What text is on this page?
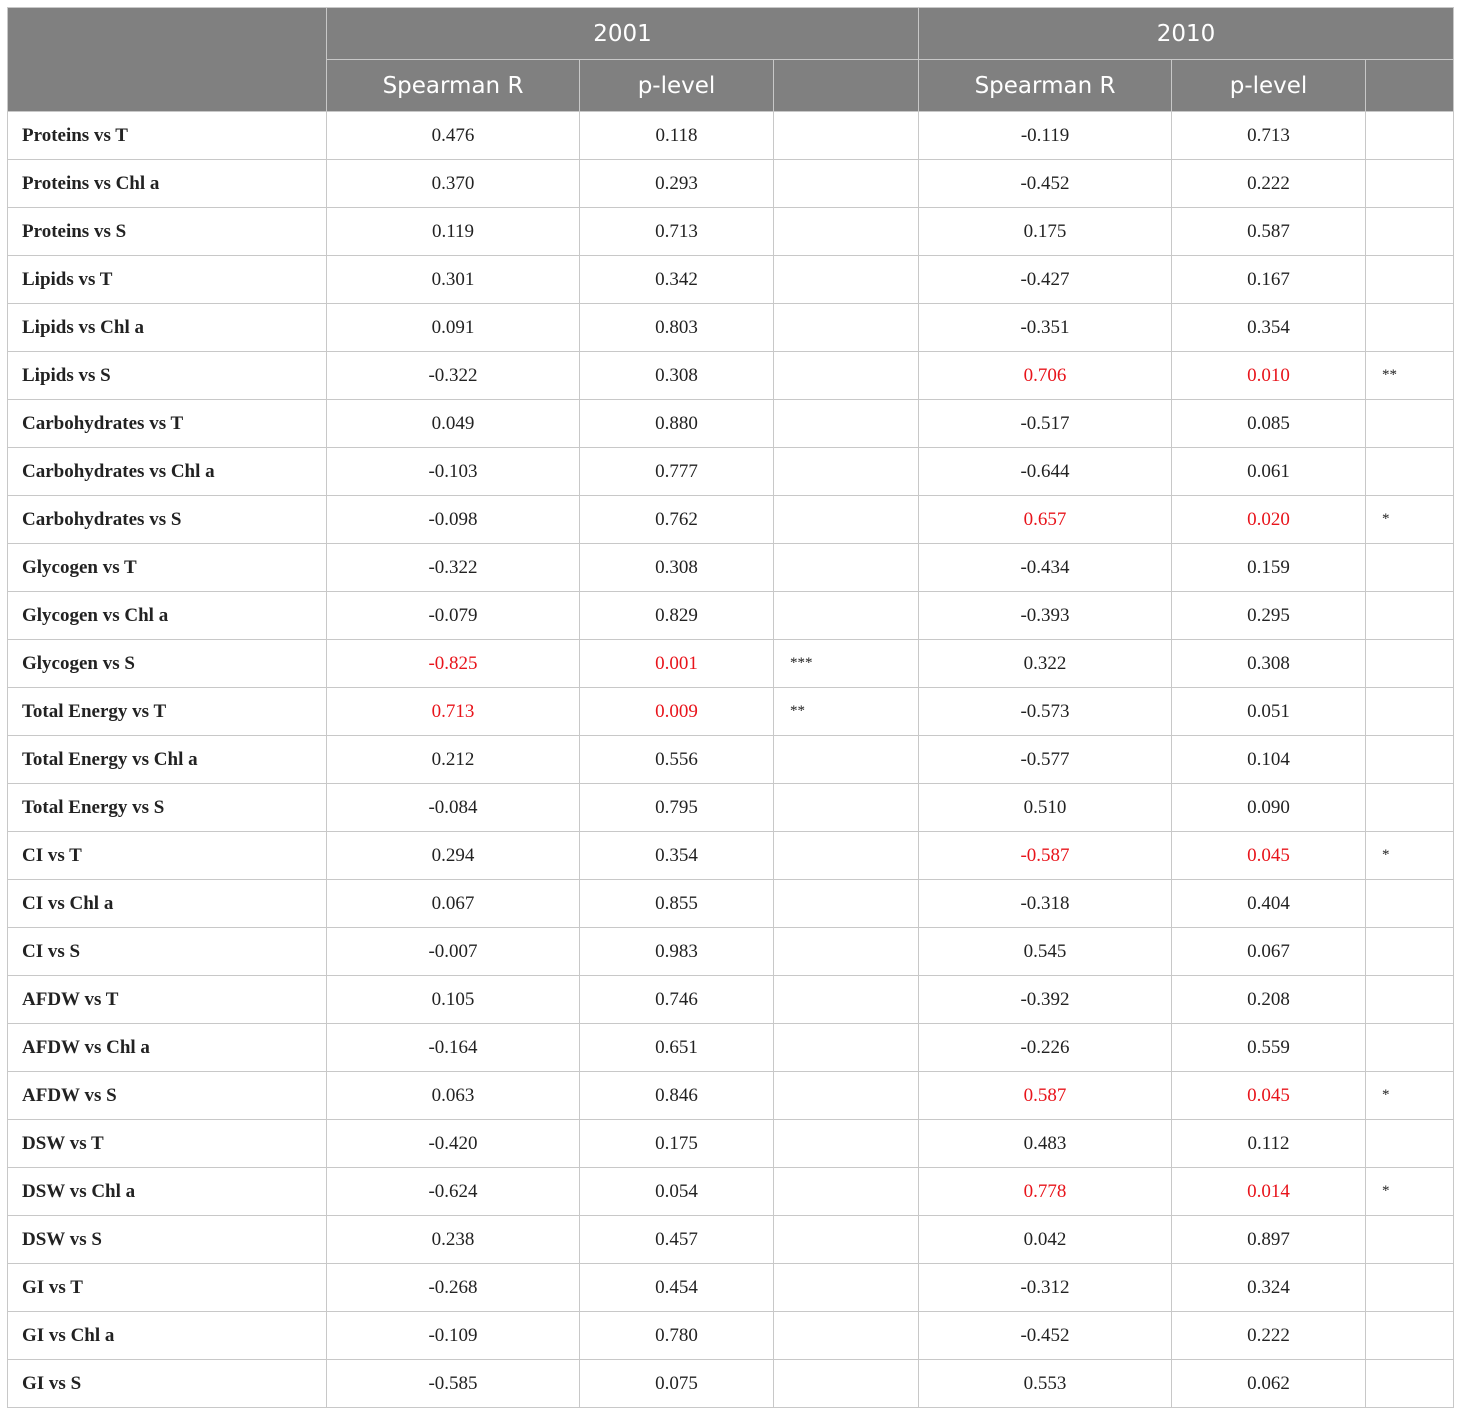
	2001			2010		
	Spearman R	p-level		Spearman R	p-level	
Proteins vs T	0.476	0.118		-0.119	0.713	
Proteins vs Chl a	0.370	0.293		-0.452	0.222	
Proteins vs S	0.119	0.713		0.175	0.587	
Lipids vs T	0.301	0.342		-0.427	0.167	
Lipids vs Chl a	0.091	0.803		-0.351	0.354	
Lipids vs S	-0.322	0.308		0.706	0.010	**
Carbohydrates vs T	0.049	0.880		-0.517	0.085	
Carbohydrates vs Chl a	-0.103	0.777		-0.644	0.061	
Carbohydrates vs S	-0.098	0.762		0.657	0.020	*
Glycogen vs T	-0.322	0.308		-0.434	0.159	
Glycogen vs Chl a	-0.079	0.829		-0.393	0.295	
Glycogen vs S	-0.825	0.001	***	0.322	0.308	
Total Energy vs T	0.713	0.009	**	-0.573	0.051	
Total Energy vs Chl a	0.212	0.556		-0.577	0.104	
Total Energy vs S	-0.084	0.795		0.510	0.090	
CI vs T	0.294	0.354		-0.587	0.045	*
CI vs Chl a	0.067	0.855		-0.318	0.404	
CI vs S	-0.007	0.983		0.545	0.067	
AFDW vs T	0.105	0.746		-0.392	0.208	
AFDW vs Chl a	-0.164	0.651		-0.226	0.559	
AFDW vs S	0.063	0.846		0.587	0.045	*
DSW vs T	-0.420	0.175		0.483	0.112	
DSW vs Chl a	-0.624	0.054		0.778	0.014	*
DSW vs S	0.238	0.457		0.042	0.897	
GI vs T	-0.268	0.454		-0.312	0.324	
GI vs Chl a	-0.109	0.780		-0.452	0.222	
GI vs S	-0.585	0.075		0.553	0.062	
